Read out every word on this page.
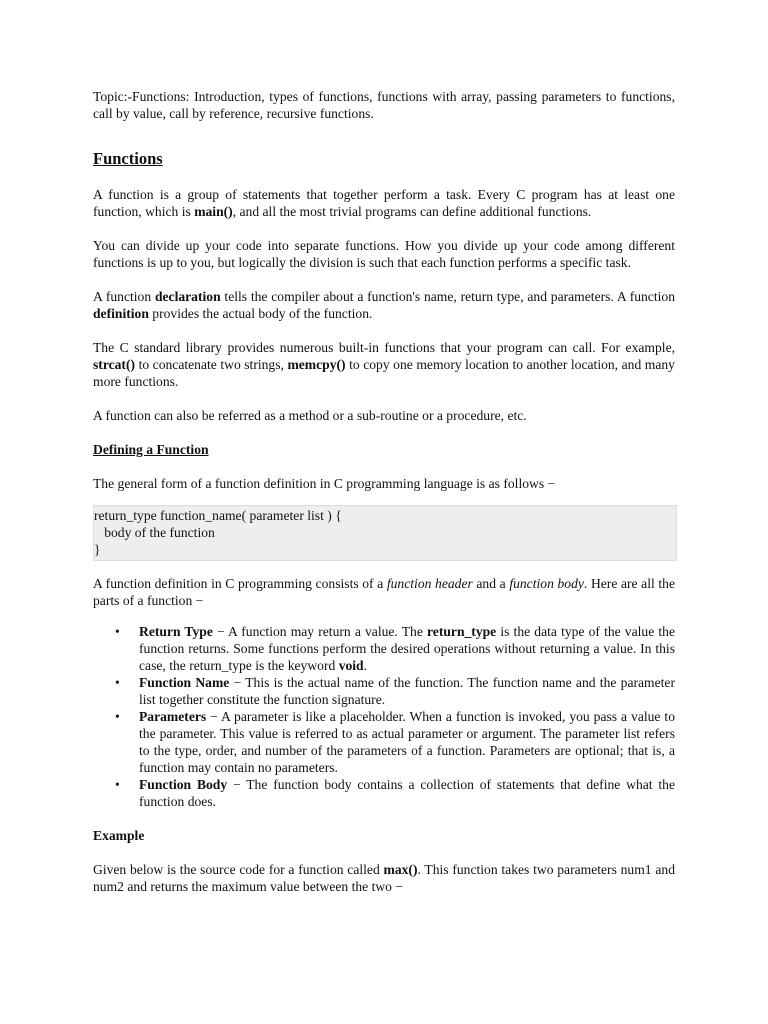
Topic:-Functions: Introduction, types of functions, functions with array, passing parameters to functions, call by value, call by reference, recursive functions.

Functions

A function is a group of statements that together perform a task. Every C program has at least one function, which is main(), and all the most trivial programs can define additional functions.

You can divide up your code into separate functions. How you divide up your code among different functions is up to you, but logically the division is such that each function performs a specific task.

A function declaration tells the compiler about a function's name, return type, and parameters. A function definition provides the actual body of the function.

The C standard library provides numerous built-in functions that your program can call. For example, strcat() to concatenate two strings, memcpy() to copy one memory location to another location, and many more functions.

A function can also be referred as a method or a sub-routine or a procedure, etc.

Defining a Function

The general form of a function definition in C programming language is as follows −

return_type function_name( parameter list ) {
body of the function
}

A function definition in C programming consists of a function header and a function body. Here are all the parts of a function −

• Return Type − A function may return a value. The return_type is the data type of the value the function returns. Some functions perform the desired operations without returning a value. In this case, the return_type is the keyword void.
• Function Name − This is the actual name of the function. The function name and the parameter list together constitute the function signature.
• Parameters − A parameter is like a placeholder. When a function is invoked, you pass a value to the parameter. This value is referred to as actual parameter or argument. The parameter list refers to the type, order, and number of the parameters of a function. Parameters are optional; that is, a function may contain no parameters.
• Function Body − The function body contains a collection of statements that define what the function does.
Example

Given below is the source code for a function called max(). This function takes two parameters num1 and num2 and returns the maximum value between the two −
